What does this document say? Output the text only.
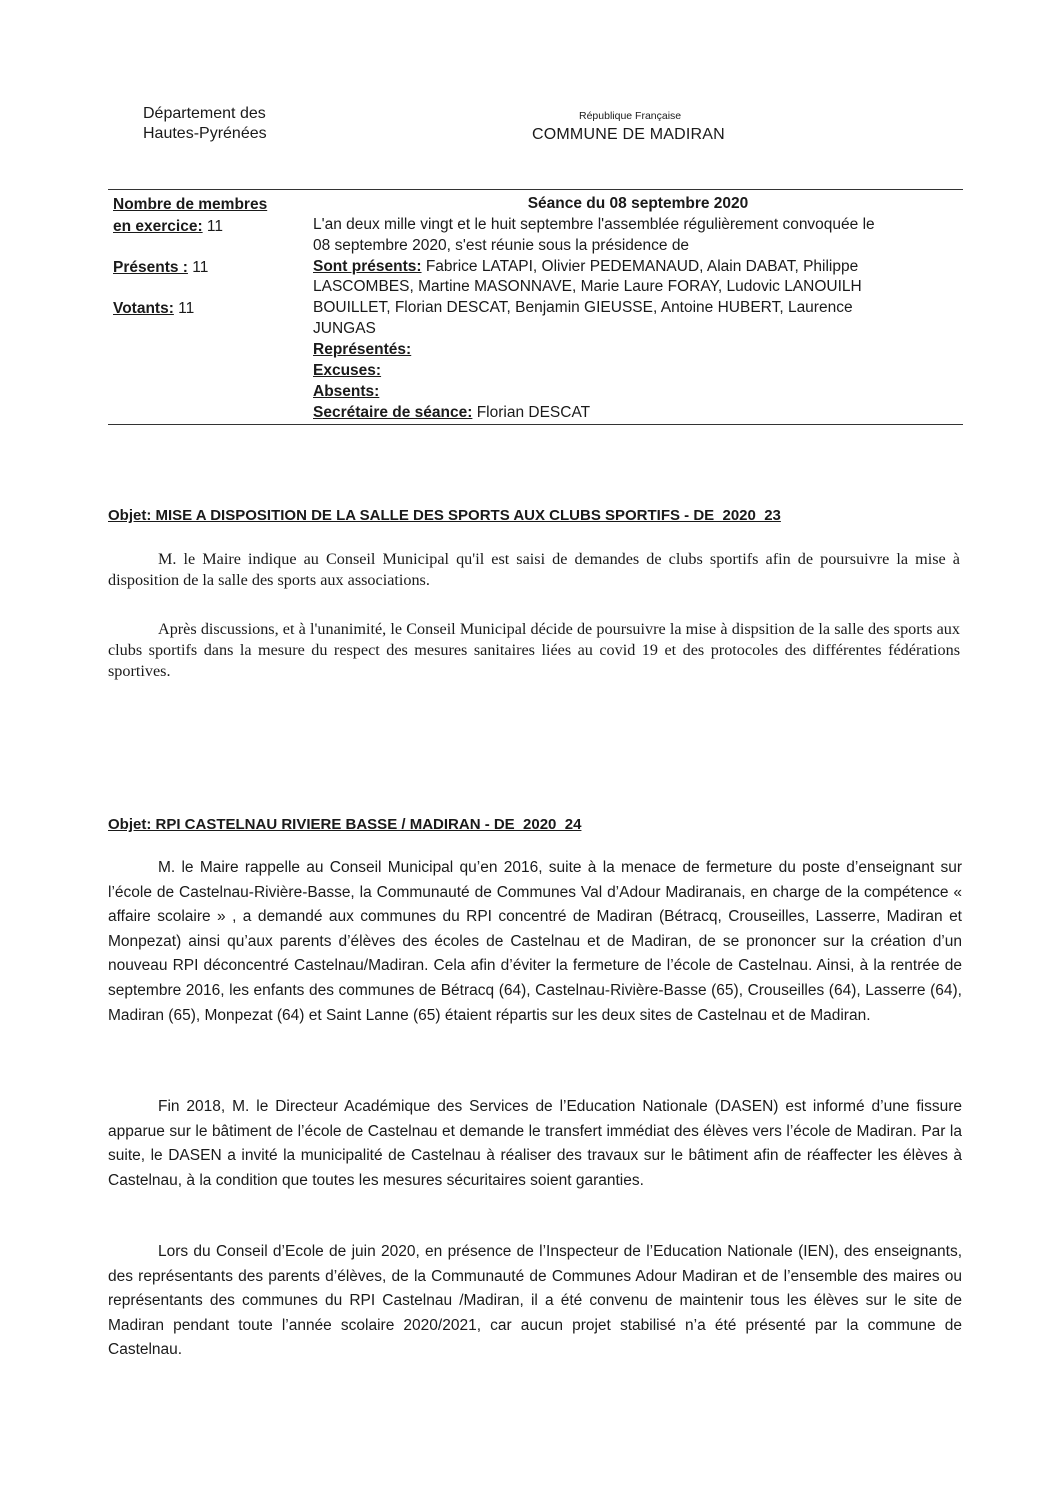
Département des
Hautes-Pyrénées
République Française
COMMUNE DE MADIRAN
Nombre de membres
en exercice: 11
Présents : 11
Votants: 11
Séance du 08 septembre 2020
L'an deux mille vingt et le huit septembre l'assemblée régulièrement convoquée le
08 septembre 2020, s'est réunie sous la présidence de
Sont présents: Fabrice LATAPI, Olivier PEDEMANAUD, Alain DABAT, Philippe
LASCOMBES, Martine MASONNAVE, Marie Laure FORAY, Ludovic LANOUILH
BOUILLET, Florian DESCAT, Benjamin GIEUSSE, Antoine HUBERT, Laurence
JUNGAS
Représentés:
Excuses:
Absents:
Secrétaire de séance: Florian DESCAT
Objet: MISE A DISPOSITION DE LA SALLE DES SPORTS AUX CLUBS SPORTIFS - DE_2020_23
M. le Maire indique au Conseil Municipal qu'il est saisi de demandes de clubs sportifs afin de poursuivre la mise à disposition de la salle des sports aux associations.
Après discussions, et à l'unanimité, le Conseil Municipal décide de poursuivre la mise à dispsition de la salle des sports aux clubs sportifs dans la mesure du respect des mesures sanitaires liées au covid 19 et des protocoles des différentes fédérations sportives.
Objet: RPI CASTELNAU RIVIERE BASSE / MADIRAN - DE_2020_24
M. le Maire rappelle au Conseil Municipal qu’en 2016, suite à la menace de fermeture du poste d’enseignant sur l’école de Castelnau-Rivière-Basse, la Communauté de Communes Val d’Adour Madiranais, en charge de la compétence « affaire scolaire » , a demandé aux communes du RPI concentré de Madiran (Bétracq, Crouseilles, Lasserre, Madiran et Monpezat) ainsi qu’aux parents d’élèves des écoles de Castelnau et de Madiran, de se prononcer sur la création d’un nouveau RPI déconcentré Castelnau/Madiran. Cela afin d’éviter la fermeture de l’école de Castelnau. Ainsi, à la rentrée de septembre 2016, les enfants des communes de Bétracq (64), Castelnau-Rivière-Basse (65), Crouseilles (64), Lasserre (64), Madiran (65), Monpezat (64) et Saint Lanne (65) étaient répartis sur les deux sites de Castelnau et de Madiran.
Fin 2018, M. le Directeur Académique des Services de l’Education Nationale (DASEN) est informé d’une fissure apparue sur le bâtiment de l’école de Castelnau et demande le transfert immédiat des élèves vers l’école de Madiran. Par la suite, le DASEN a invité la municipalité de Castelnau à réaliser des travaux sur le bâtiment afin de réaffecter les élèves à Castelnau, à la condition que toutes les mesures sécuritaires soient garanties.
Lors du Conseil d’Ecole de juin 2020, en présence de l’Inspecteur de l’Education Nationale (IEN), des enseignants, des représentants des parents d’élèves, de la Communauté de Communes Adour Madiran et de l’ensemble des maires ou représentants des communes du RPI Castelnau /Madiran, il a été convenu de maintenir tous les élèves sur le site de Madiran pendant toute l’année scolaire 2020/2021, car aucun projet stabilisé n’a été présenté par la commune de Castelnau.
